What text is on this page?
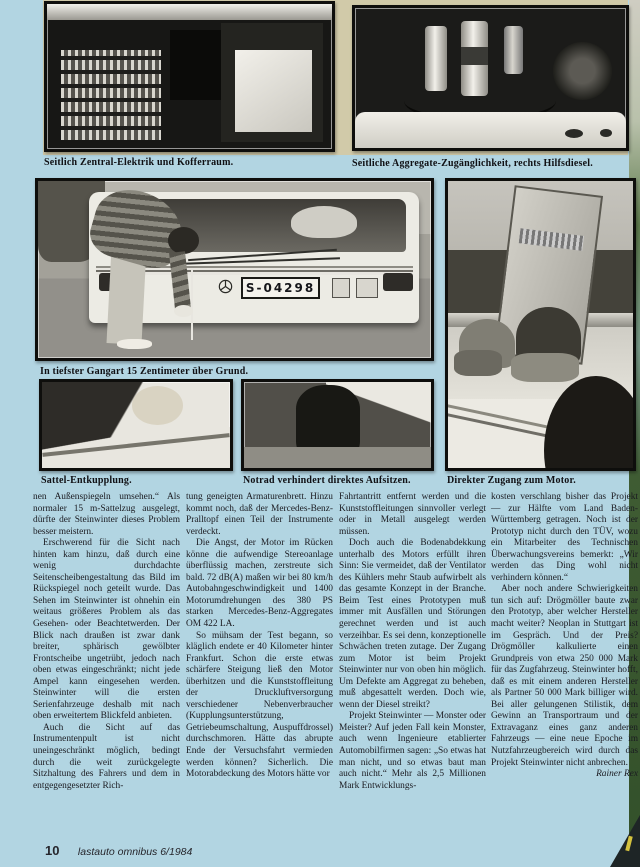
S-04298
Seitlich Zentral-Elektrik und Kofferraum.	Seitliche Aggregate-Zugänglichkeit, rechts Hilfsdiesel.
In tiefster Gangart 15 Zentimeter über Grund.
Sattel-Entkupplung.	Notrad verhindert direktes Aufsitzen.	Direkter Zugang zum Motor.

nen Außenspiegeln umsehen.“ Als normaler 15 m-Sattelzug ausgelegt, dürfte der Steinwinter dieses Problem besser meistern.

Erschwerend für die Sicht nach hinten kam hinzu, daß durch eine wenig durchdachte Seitenscheibengestaltung das Bild im Rückspiegel noch geteilt wurde. Das Sehen im Steinwinter ist ohnehin ein weitaus größeres Problem als das Gesehen- oder Beachtetwerden. Der Blick nach draußen ist zwar dank breiter, sphärisch gewölbter Frontscheibe ungetrübt, jedoch nach oben etwas eingeschränkt; nicht jede Ampel kann eingesehen werden. Steinwinter will die ersten Serienfahrzeuge deshalb mit nach oben erweitertem Blickfeld anbieten.

Auch die Sicht auf das Instrumentenpult ist nicht uneingeschränkt möglich, bedingt durch die weit zurückgelegte Sitzhaltung des Fahrers und dem in entgegengesetzter Rich-

tung geneigten Armaturenbrett. Hinzu kommt noch, daß der Mercedes-Benz-Pralltopf einen Teil der Instrumente verdeckt.

Die Angst, der Motor im Rücken könne die aufwendige Stereoanlage überflüssig machen, zerstreute sich bald. 72 dB(A) maßen wir bei 80 km/h Autobahngeschwindigkeit und 1400 Motorumdrehungen des 380 PS starken Mercedes-Benz-Aggregates OM 422 LA.

So mühsam der Test begann, so kläglich endete er 40 Kilometer hinter Frankfurt. Schon die erste etwas schärfere Steigung ließ den Motor überhitzen und die Kunststoffleitung der Druckluftversorgung verschiedener Nebenverbraucher (Kupplungsunterstützung, Getriebeumschaltung, Auspuffdrossel) durchschmoren. Hätte das abrupte Ende der Versuchsfahrt vermieden werden können? Sicherlich. Die Motorabdeckung des Motors hätte vor

Fahrtantritt entfernt werden und die Kunststoffleitungen sinnvoller verlegt oder in Metall ausgelegt werden müssen.

Doch auch die Bodenabdekkung unterhalb des Motors erfüllt ihren Sinn: Sie vermeidet, daß der Ventilator des Kühlers mehr Staub aufwirbelt als das gesamte Konzept in der Branche. Beim Test eines Prototypen muß immer mit Ausfällen und Störungen gerechnet werden und ist auch verzeihbar. Es sei denn, konzeptionelle Schwächen treten zutage. Der Zugang zum Motor ist beim Projekt Steinwinter nur von oben hin möglich. Um Defekte am Aggregat zu beheben, muß abgesattelt werden. Doch wie, wenn der Diesel streikt?

Projekt Steinwinter — Monster oder Meister? Auf jeden Fall kein Monster, auch wenn Ingenieure etablierter Automobilfirmen sagen: „So etwas hat man nicht, und so etwas baut man auch nicht.“ Mehr als 2,5 Millionen Mark Entwicklungs-

kosten verschlang bisher das Projekt — zur Hälfte vom Land Baden-Württemberg getragen. Noch ist der Prototyp nicht durch den TÜV, wozu ein Mitarbeiter des Technischen Überwachungsvereins bemerkt: „Wir werden das Ding wohl nicht verhindern können.“

Aber noch andere Schwierigkeiten tun sich auf: Drögmöller baute zwar den Prototyp, aber welcher Hersteller macht weiter? Neoplan in Stuttgart ist im Gespräch. Und der Preis? Drögmöller kalkulierte einen Grundpreis von etwa 250 000 Mark für das Zugfahrzeug. Steinwinter hofft, daß es mit einem anderen Hersteller als Partner 50 000 Mark billiger wird. Bei aller gelungenen Stilistik, dem Gewinn an Transportraum und der Extravaganz eines ganz anderen Fahrzeugs — eine neue Epoche im Nutzfahrzeugbereich wird durch das Projekt Steinwinter nicht anbrechen.
Rainer Rex

10 lastauto omnibus 6/1984
